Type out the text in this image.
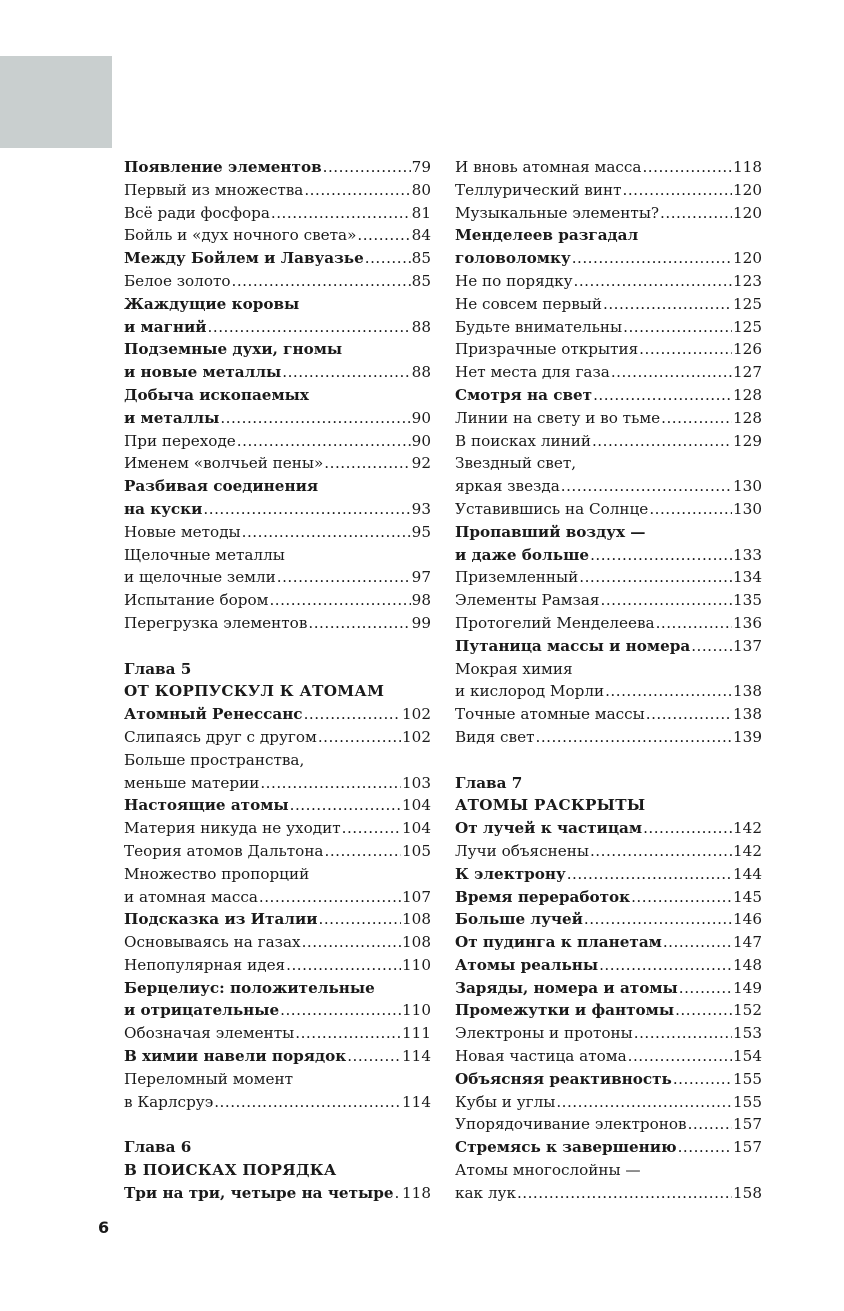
Появление элементов .....	79
Первый из множества .....	80
Всё ради фосфора .....	81
Бойль и «дух ночного света» .....	84
Между Бойлем и Лавуазье .....	85
Белое золото .....	85
Жаждущие коровы
и магний .....	88
Подземные духи, гномы
и новые металлы .....	88
Добыча ископаемых
и металлы .....	90
При переходе .....	90
Именем «волчьей пены» .....	92
Разбивая соединения
на куски .....	93
Новые методы .....	95
Щелочные металлы
и щелочные земли .....	97
Испытание бором .....	98
Перегрузка элементов .....	99
Глава 5
ОТ КОРПУСКУЛ К АТОМАМ
Атомный Ренессанс .....	102
Слипаясь друг с другом .....	102
Больше пространства,
меньше материи .....	103
Настоящие атомы .....	104
Материя никуда не уходит .....	104
Теория атомов Дальтона .....	105
Множество пропорций
и атомная масса .....	107
Подсказка из Италии .....	108
Основываясь на газах .....	108
Непопулярная идея .....	110
Берцелиус: положительные
и отрицательные .....	110
Обозначая элементы .....	111
В химии навели порядок .....	114
Переломный момент
в Карлсруэ .....	114
Глава 6
В ПОИСКАХ ПОРЯДКА
Три на три, четыре на четыре ..... 118
И вновь атомная масса .....	118
Теллурический винт .....	120
Музыкальные элементы? .....	120
Менделеев разгадал
головоломку .....	120
Не по порядку .....	123
Не совсем первый .....	125
Будьте внимательны .....	125
Призрачные открытия .....	126
Нет места для газа .....	127
Смотря на свет .....	128
Линии на свету и во тьме .....	128
В поисках линий .....	129
Звездный свет,
яркая звезда .....	130
Уставившись на Солнце .....	130
Пропавший воздух —
и даже больше .....	133
Приземленный .....	134
Элементы Рамзая .....	135
Протогелий Менделеева .....	136
Путаница массы и номера .....	137
Мокрая химия
и кислород Морли .....	138
Точные атомные массы .....	138
Видя свет .....	139
Глава 7
АТОМЫ РАСКРЫТЫ
От лучей к частицам .....	142
Лучи объяснены .....	142
К электрону .....	144
Время переработок .....	145
Больше лучей .....	146
От пудинга к планетам .....	147
Атомы реальны .....	148
Заряды, номера и атомы .....	149
Промежутки и фантомы .....	152
Электроны и протоны .....	153
Новая частица атома .....	154
Объясняя реактивность .....	155
Кубы и углы .....	155
Упорядочивание электронов .....	157
Стремясь к завершению .....	157
Атомы многослойны —
как лук .....	158
6
